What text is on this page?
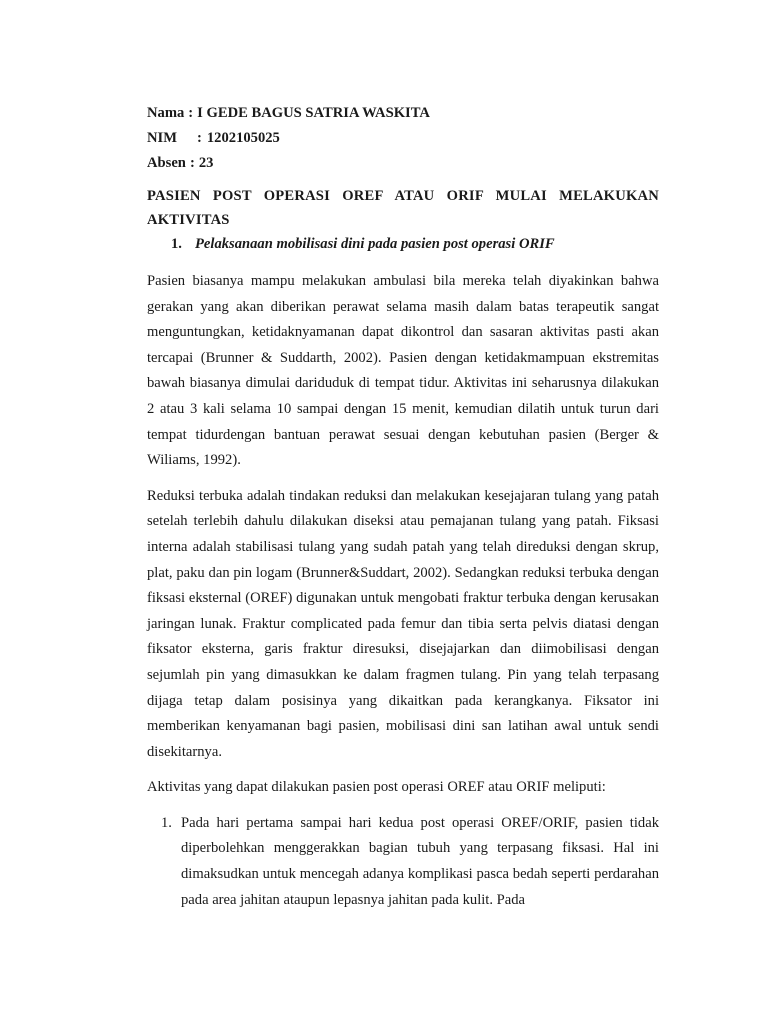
Nama : I GEDE BAGUS SATRIA WASKITA
NIM	: 1202105025
Absen : 23
PASIEN POST OPERASI OREF ATAU ORIF MULAI MELAKUKAN AKTIVITAS
1. Pelaksanaan mobilisasi dini pada pasien post operasi ORIF

Pasien biasanya mampu melakukan ambulasi bila mereka telah diyakinkan bahwa gerakan yang akan diberikan perawat selama masih dalam batas terapeutik sangat menguntungkan, ketidaknyamanan dapat dikontrol dan sasaran aktivitas pasti akan tercapai (Brunner & Suddarth, 2002). Pasien dengan ketidakmampuan ekstremitas bawah biasanya dimulai dariduduk di tempat tidur. Aktivitas ini seharusnya dilakukan 2 atau 3 kali selama 10 sampai dengan 15 menit, kemudian dilatih untuk turun dari tempat tidurdengan bantuan perawat sesuai dengan kebutuhan pasien (Berger & Wiliams, 1992).

Reduksi terbuka adalah tindakan reduksi dan melakukan kesejajaran tulang yang patah setelah terlebih dahulu dilakukan diseksi atau pemajanan tulang yang patah. Fiksasi interna adalah stabilisasi tulang yang sudah patah yang telah direduksi dengan skrup, plat, paku dan pin logam (Brunner&Suddart, 2002). Sedangkan reduksi terbuka dengan fiksasi eksternal (OREF) digunakan untuk mengobati fraktur terbuka dengan kerusakan jaringan lunak. Fraktur complicated pada femur dan tibia serta pelvis diatasi dengan fiksator eksterna, garis fraktur diresuksi, disejajarkan dan diimobilisasi dengan sejumlah pin yang dimasukkan ke dalam fragmen tulang. Pin yang telah terpasang dijaga tetap dalam posisinya yang dikaitkan pada kerangkanya. Fiksator ini memberikan kenyamanan bagi pasien, mobilisasi dini san latihan awal untuk sendi disekitarnya.

Aktivitas yang dapat dilakukan pasien post operasi OREF atau ORIF meliputi:

1. Pada hari pertama sampai hari kedua post operasi OREF/ORIF, pasien tidak diperbolehkan menggerakkan bagian tubuh yang terpasang fiksasi. Hal ini dimaksudkan untuk mencegah adanya komplikasi pasca bedah seperti perdarahan pada area jahitan ataupun lepasnya jahitan pada kulit. Pada
